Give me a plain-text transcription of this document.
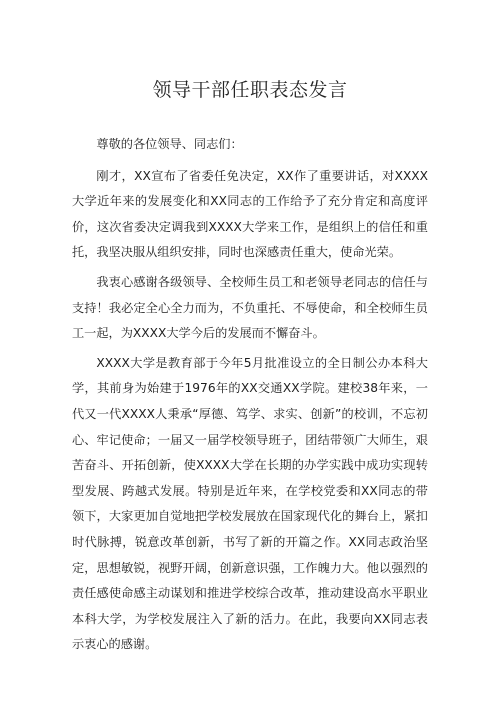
领导干部任职表态发言

尊敬的各位领导、同志们：

刚才，XX宣布了省委任免决定，XX作了重要讲话，对XXXX大学近年来的发展变化和XX同志的工作给予了充分肯定和高度评价，这次省委决定调我到XXXX大学来工作，是组织上的信任和重托，我坚决服从组织安排，同时也深感责任重大，使命光荣。

我衷心感谢各级领导、全校师生员工和老领导老同志的信任与支持！我必定全心全力而为，不负重托、不辱使命，和全校师生员工一起，为XXXX大学今后的发展而不懈奋斗。

XXXX大学是教育部于今年5月批准设立的全日制公办本科大学，其前身为始建于1976年的XX交通XX学院。建校38年来，一代又一代XXXX人秉承“厚德、笃学、求实、创新”的校训，不忘初心、牢记使命；一届又一届学校领导班子，团结带领广大师生，艰苦奋斗、开拓创新，使XXXX大学在长期的办学实践中成功实现转型发展、跨越式发展。特别是近年来，在学校党委和XX同志的带领下，大家更加自觉地把学校发展放在国家现代化的舞台上，紧扣时代脉搏，锐意改革创新，书写了新的开篇之作。XX同志政治坚定，思想敏锐，视野开阔，创新意识强，工作魄力大。他以强烈的责任感使命感主动谋划和推进学校综合改革，推动建设高水平职业本科大学，为学校发展注入了新的活力。在此，我要向XX同志表示衷心的感谢。
